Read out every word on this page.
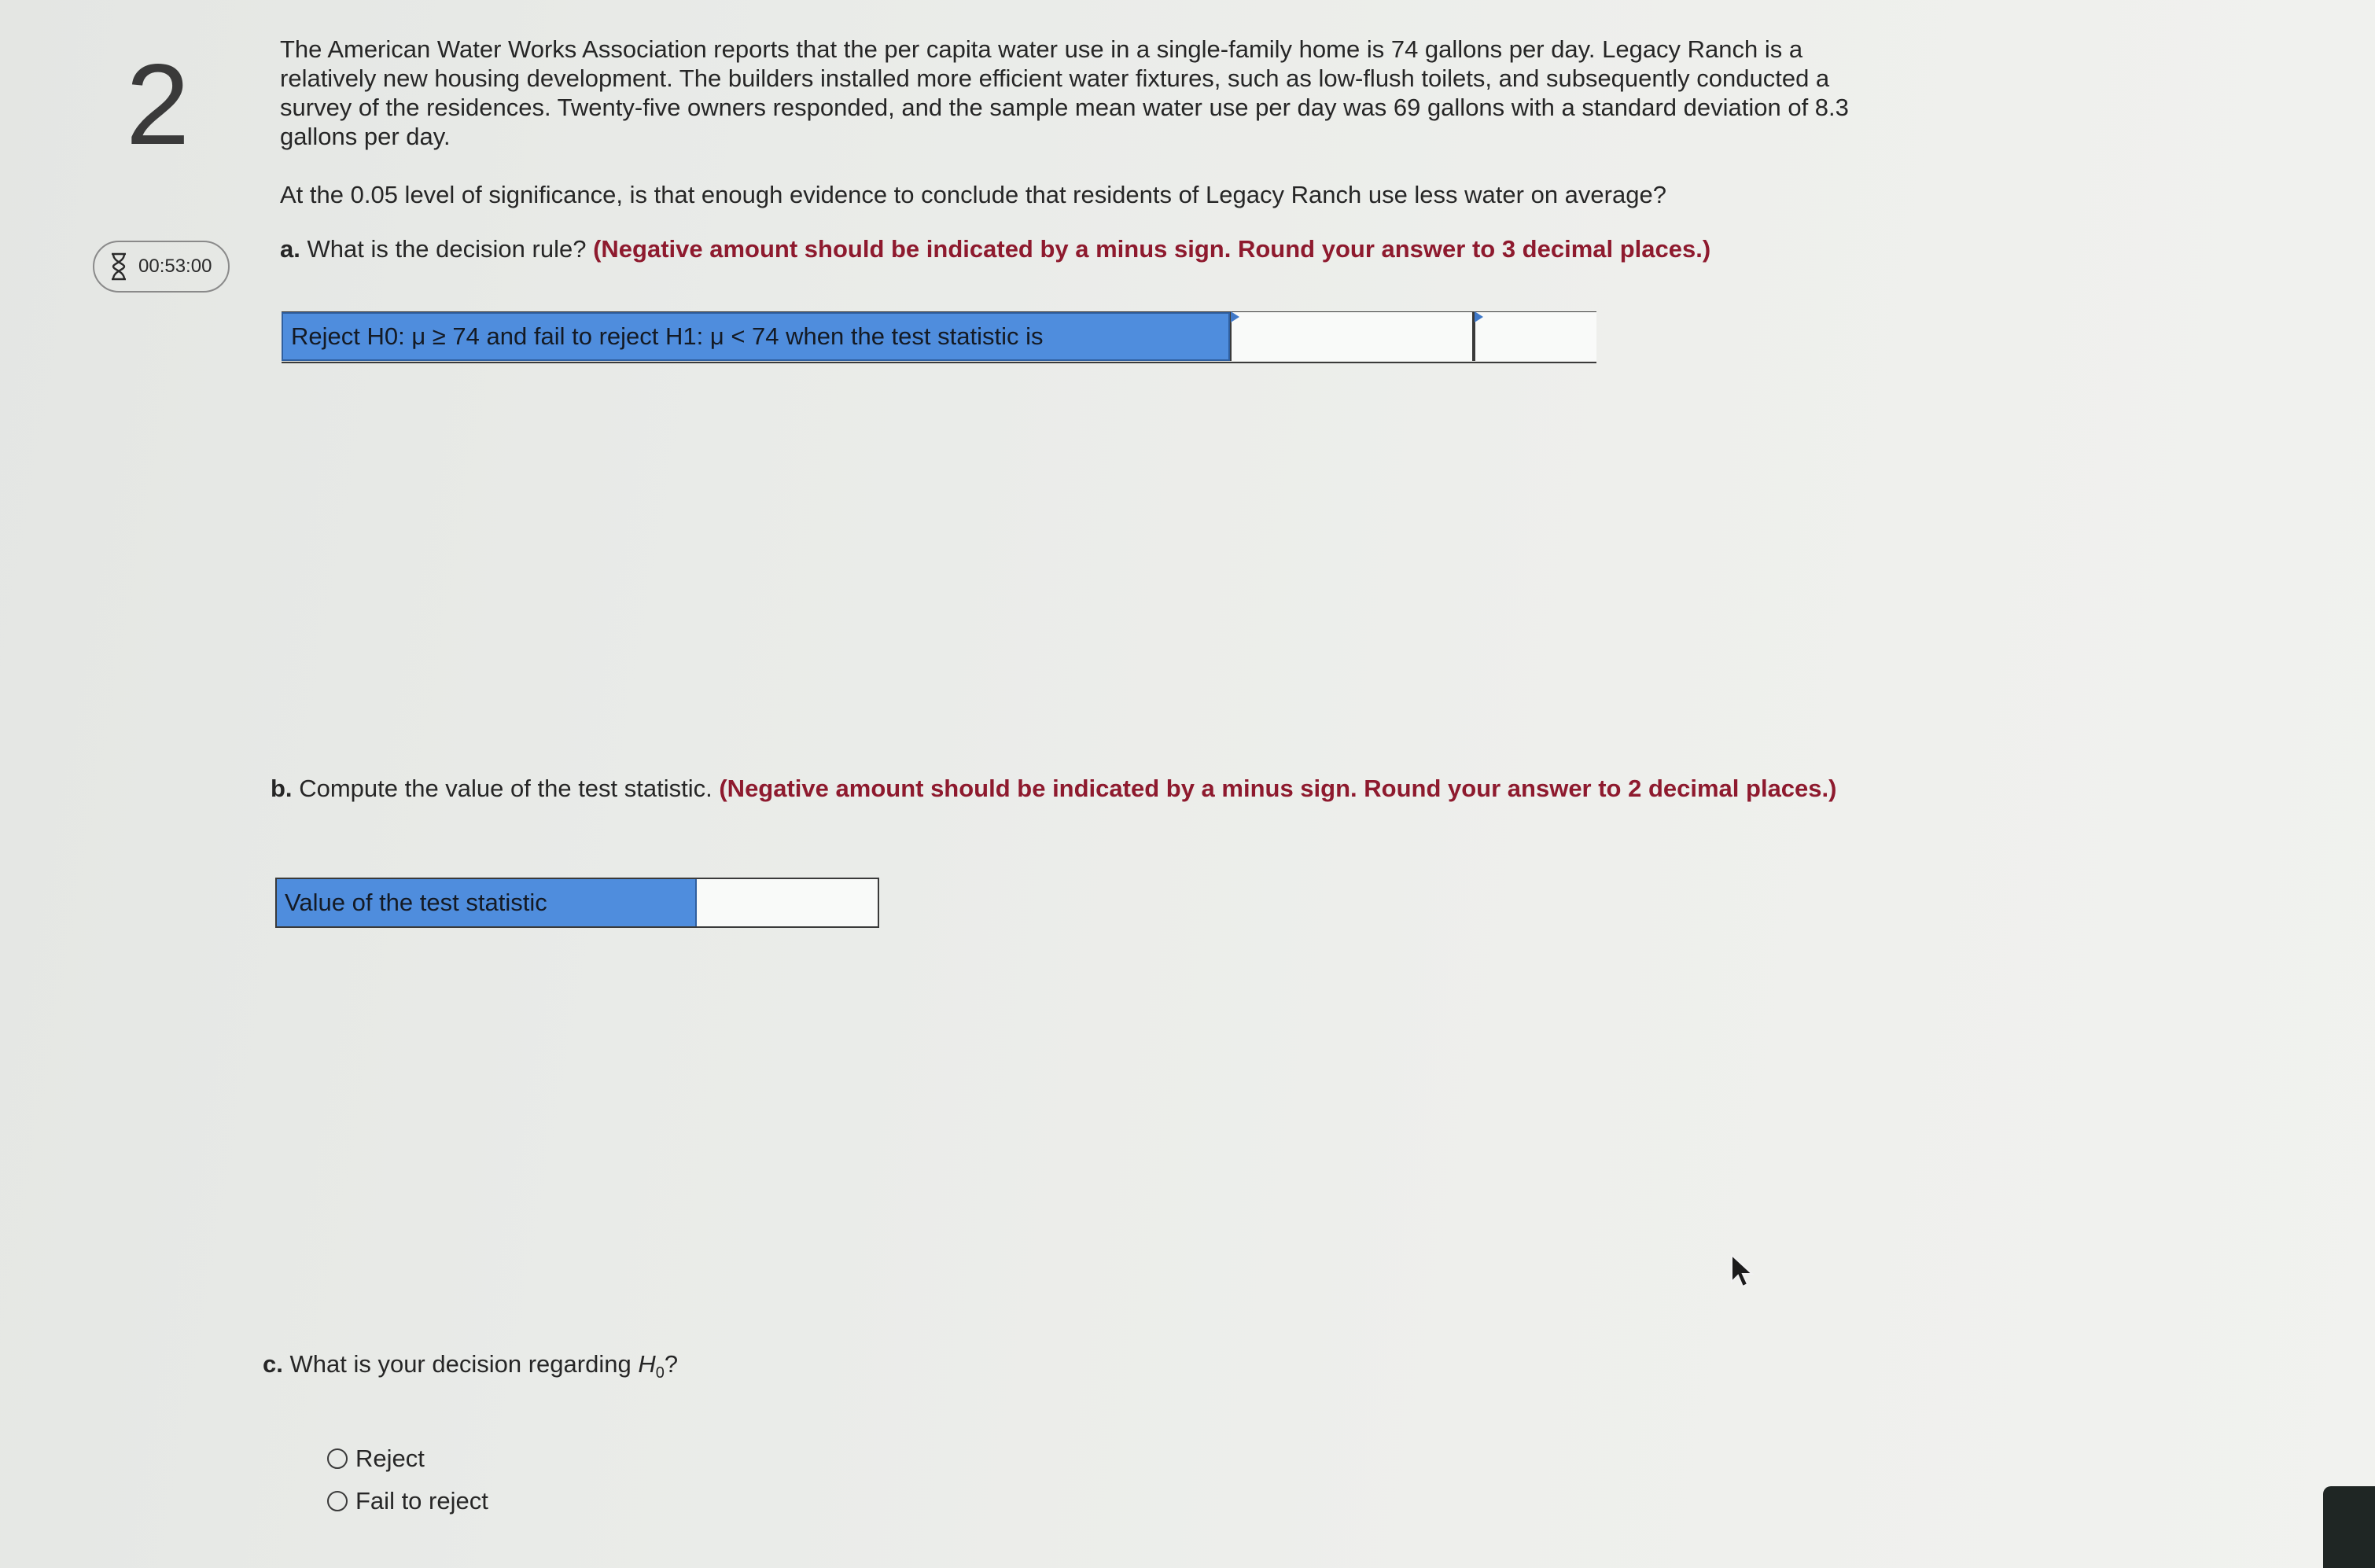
2
00:53:00
The American Water Works Association reports that the per capita water use in a single-family home is 74 gallons per day. Legacy Ranch is a relatively new housing development. The builders installed more efficient water fixtures, such as low-flush toilets, and subsequently conducted a survey of the residences. Twenty-five owners responded, and the sample mean water use per day was 69 gallons with a standard deviation of 8.3 gallons per day.
At the 0.05 level of significance, is that enough evidence to conclude that residents of Legacy Ranch use less water on average?
a. What is the decision rule? (Negative amount should be indicated by a minus sign. Round your answer to 3 decimal places.)
Reject H0: μ ≥ 74 and fail to reject H1: μ < 74 when the test statistic is
b. Compute the value of the test statistic. (Negative amount should be indicated by a minus sign. Round your answer to 2 decimal places.)
Value of the test statistic
c. What is your decision regarding $H_0$?
Reject
Fail to reject
